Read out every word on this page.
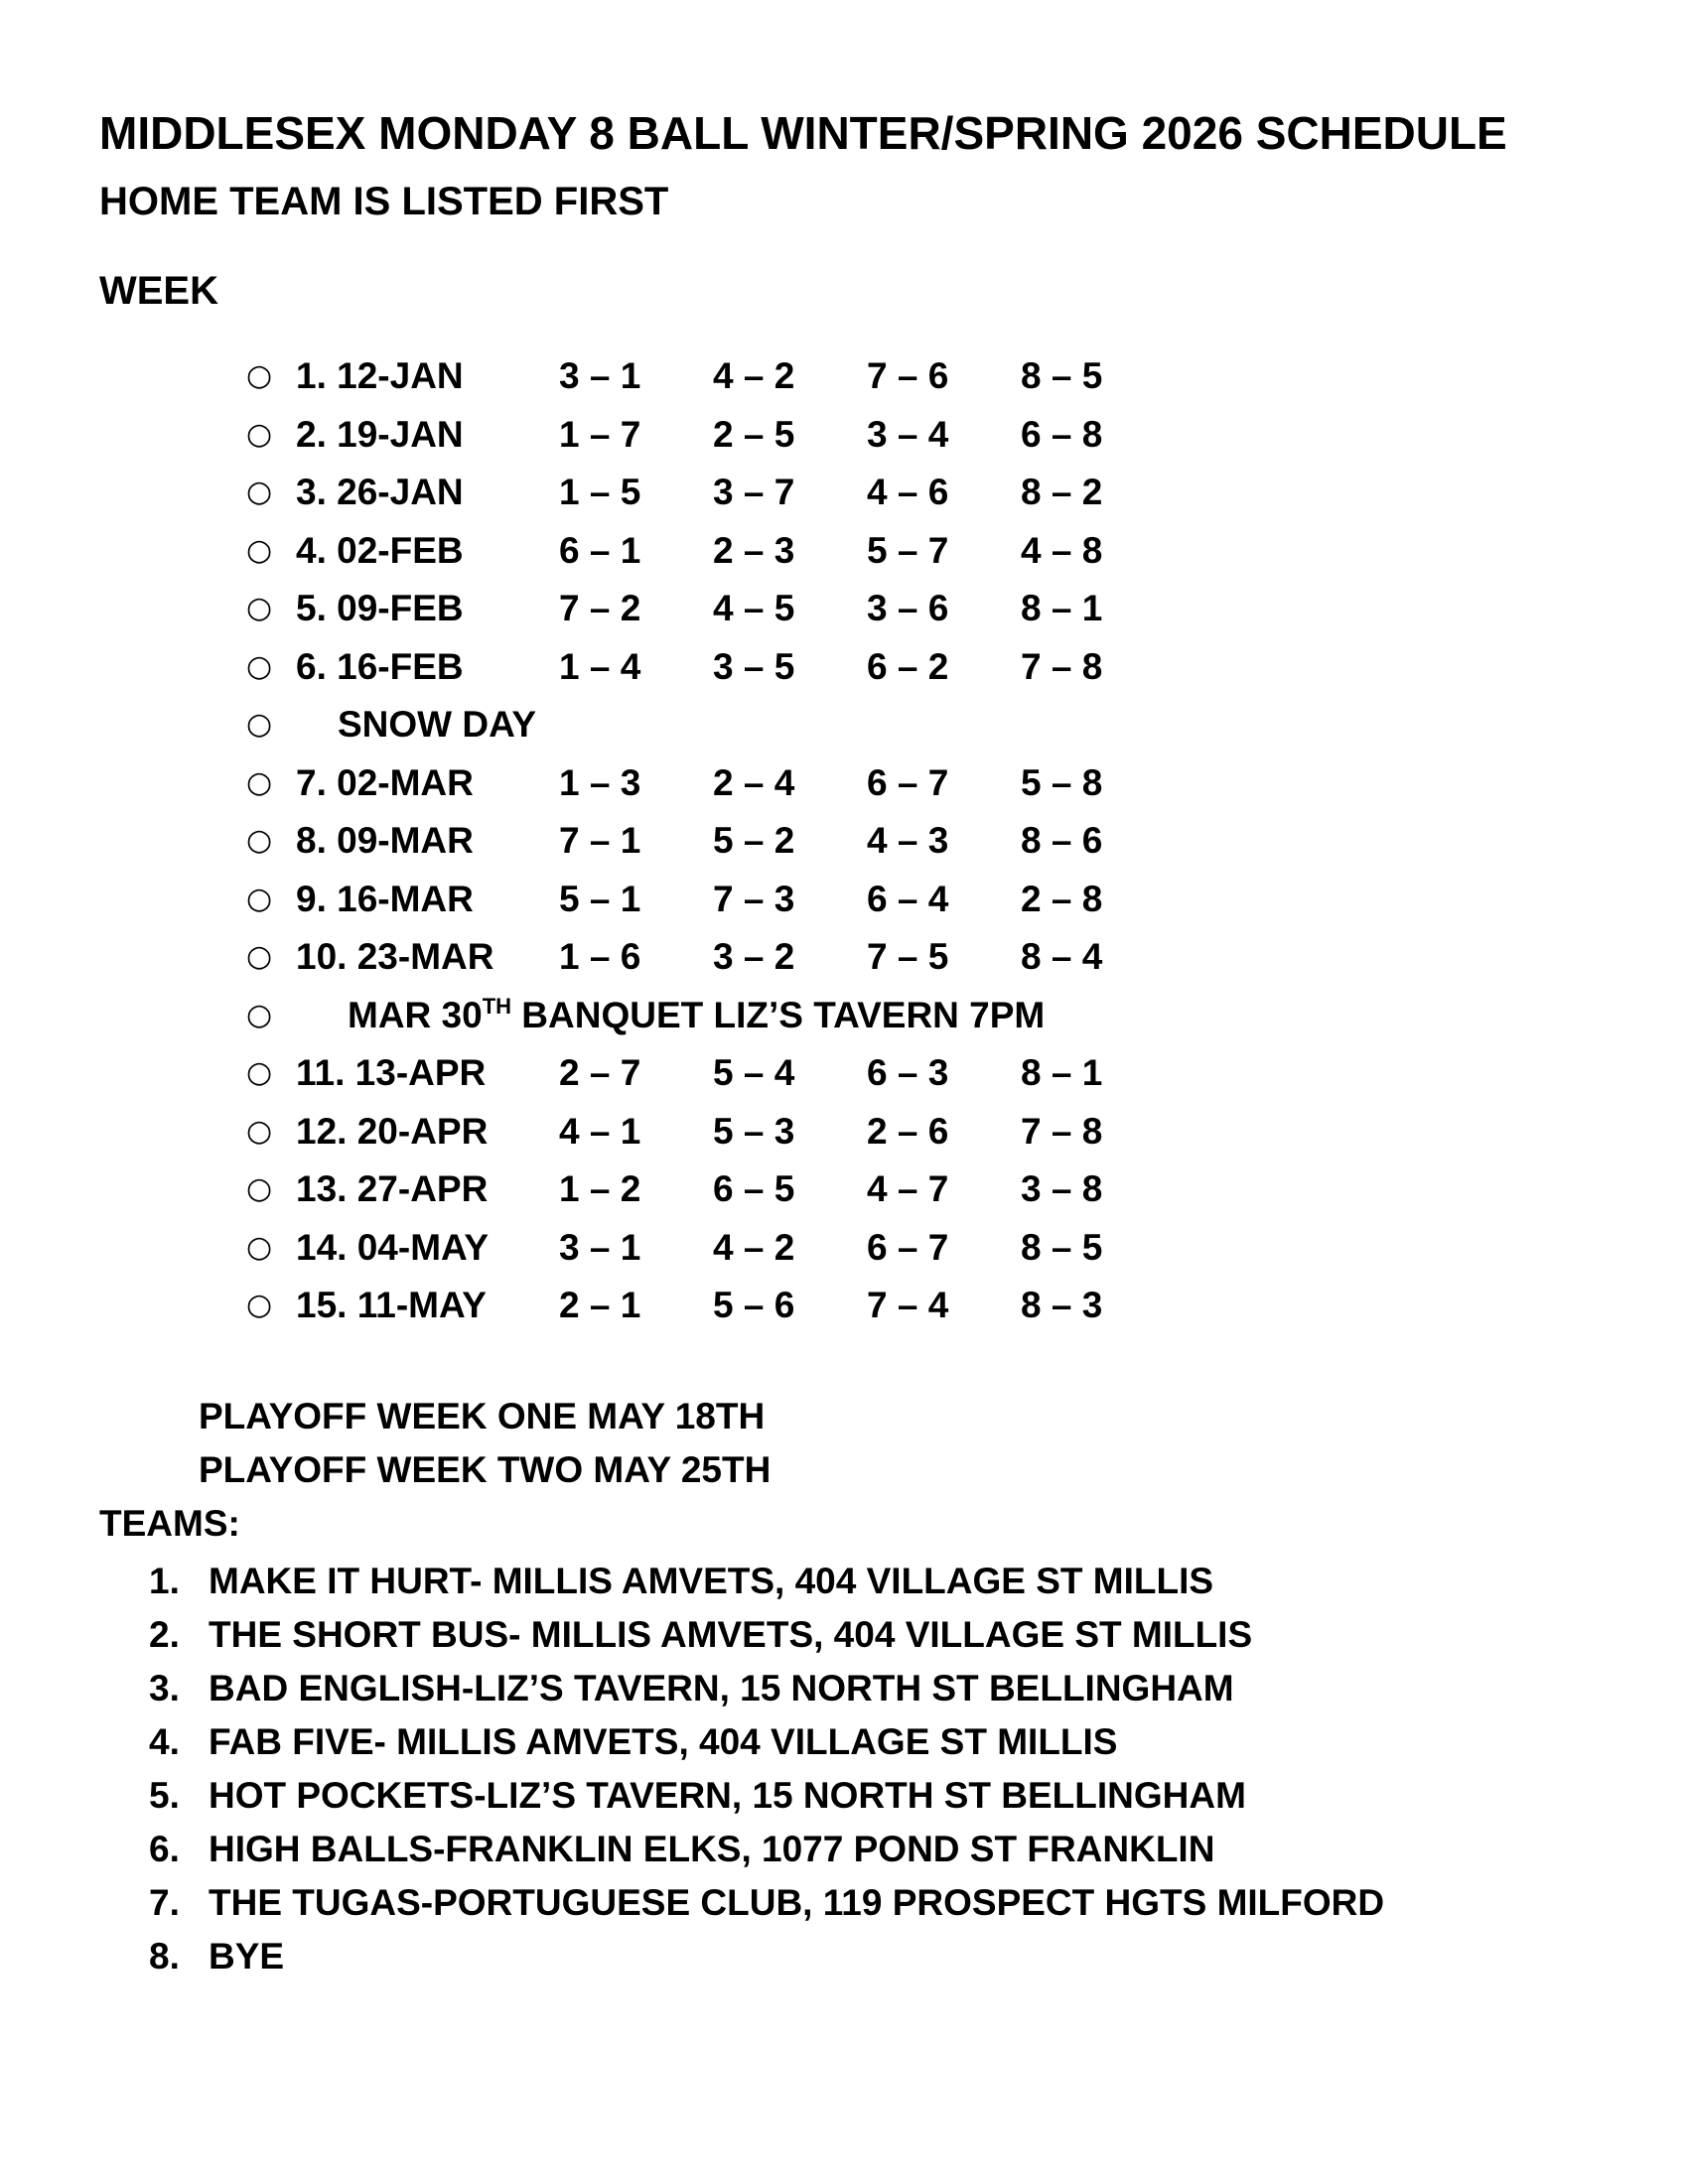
MIDDLESEX MONDAY 8 BALL WINTER/SPRING 2026 SCHEDULE
HOME TEAM IS LISTED FIRST
WEEK
○ 1. 12-JAN	3 – 1	4 – 2	7 – 6	8 – 5
○ 2. 19-JAN	1 – 7	2 – 5	3 – 4	6 – 8
○ 3. 26-JAN	1 – 5	3 – 7	4 – 6	8 – 2
○ 4. 02-FEB	6 – 1	2 – 3	5 – 7	4 – 8
○ 5. 09-FEB	7 – 2	4 – 5	3 – 6	8 – 1
○ 6. 16-FEB	1 – 4	3 – 5	6 – 2	7 – 8
○	SNOW DAY
○ 7. 02-MAR	1 – 3	2 – 4	6 – 7	5 – 8
○ 8. 09-MAR	7 – 1	5 – 2	4 – 3	8 – 6
○ 9. 16-MAR	5 – 1	7 – 3	6 – 4	2 – 8
○ 10. 23-MAR	1 – 6	3 – 2	7 – 5	8 – 4
○	MAR 30TH BANQUET LIZ’S TAVERN 7PM
○ 11. 13-APR	2 – 7	5 – 4	6 – 3	8 – 1
○ 12. 20-APR	4 – 1	5 – 3	2 – 6	7 – 8
○ 13. 27-APR	1 – 2	6 – 5	4 – 7	3 – 8
○ 14. 04-MAY	3 – 1	4 – 2	6 – 7	8 – 5
○ 15. 11-MAY	2 – 1	5 – 6	7 – 4	8 – 3
PLAYOFF WEEK ONE MAY 18TH
PLAYOFF WEEK TWO MAY 25TH
TEAMS:
1. MAKE IT HURT- MILLIS AMVETS, 404 VILLAGE ST MILLIS
2. THE SHORT BUS- MILLIS AMVETS, 404 VILLAGE ST MILLIS
3. BAD ENGLISH-LIZ’S TAVERN, 15 NORTH ST BELLINGHAM
4. FAB FIVE- MILLIS AMVETS, 404 VILLAGE ST MILLIS
5. HOT POCKETS-LIZ’S TAVERN, 15 NORTH ST BELLINGHAM
6. HIGH BALLS-FRANKLIN ELKS, 1077 POND ST FRANKLIN
7. THE TUGAS-PORTUGUESE CLUB, 119 PROSPECT HGTS MILFORD
8. BYE
